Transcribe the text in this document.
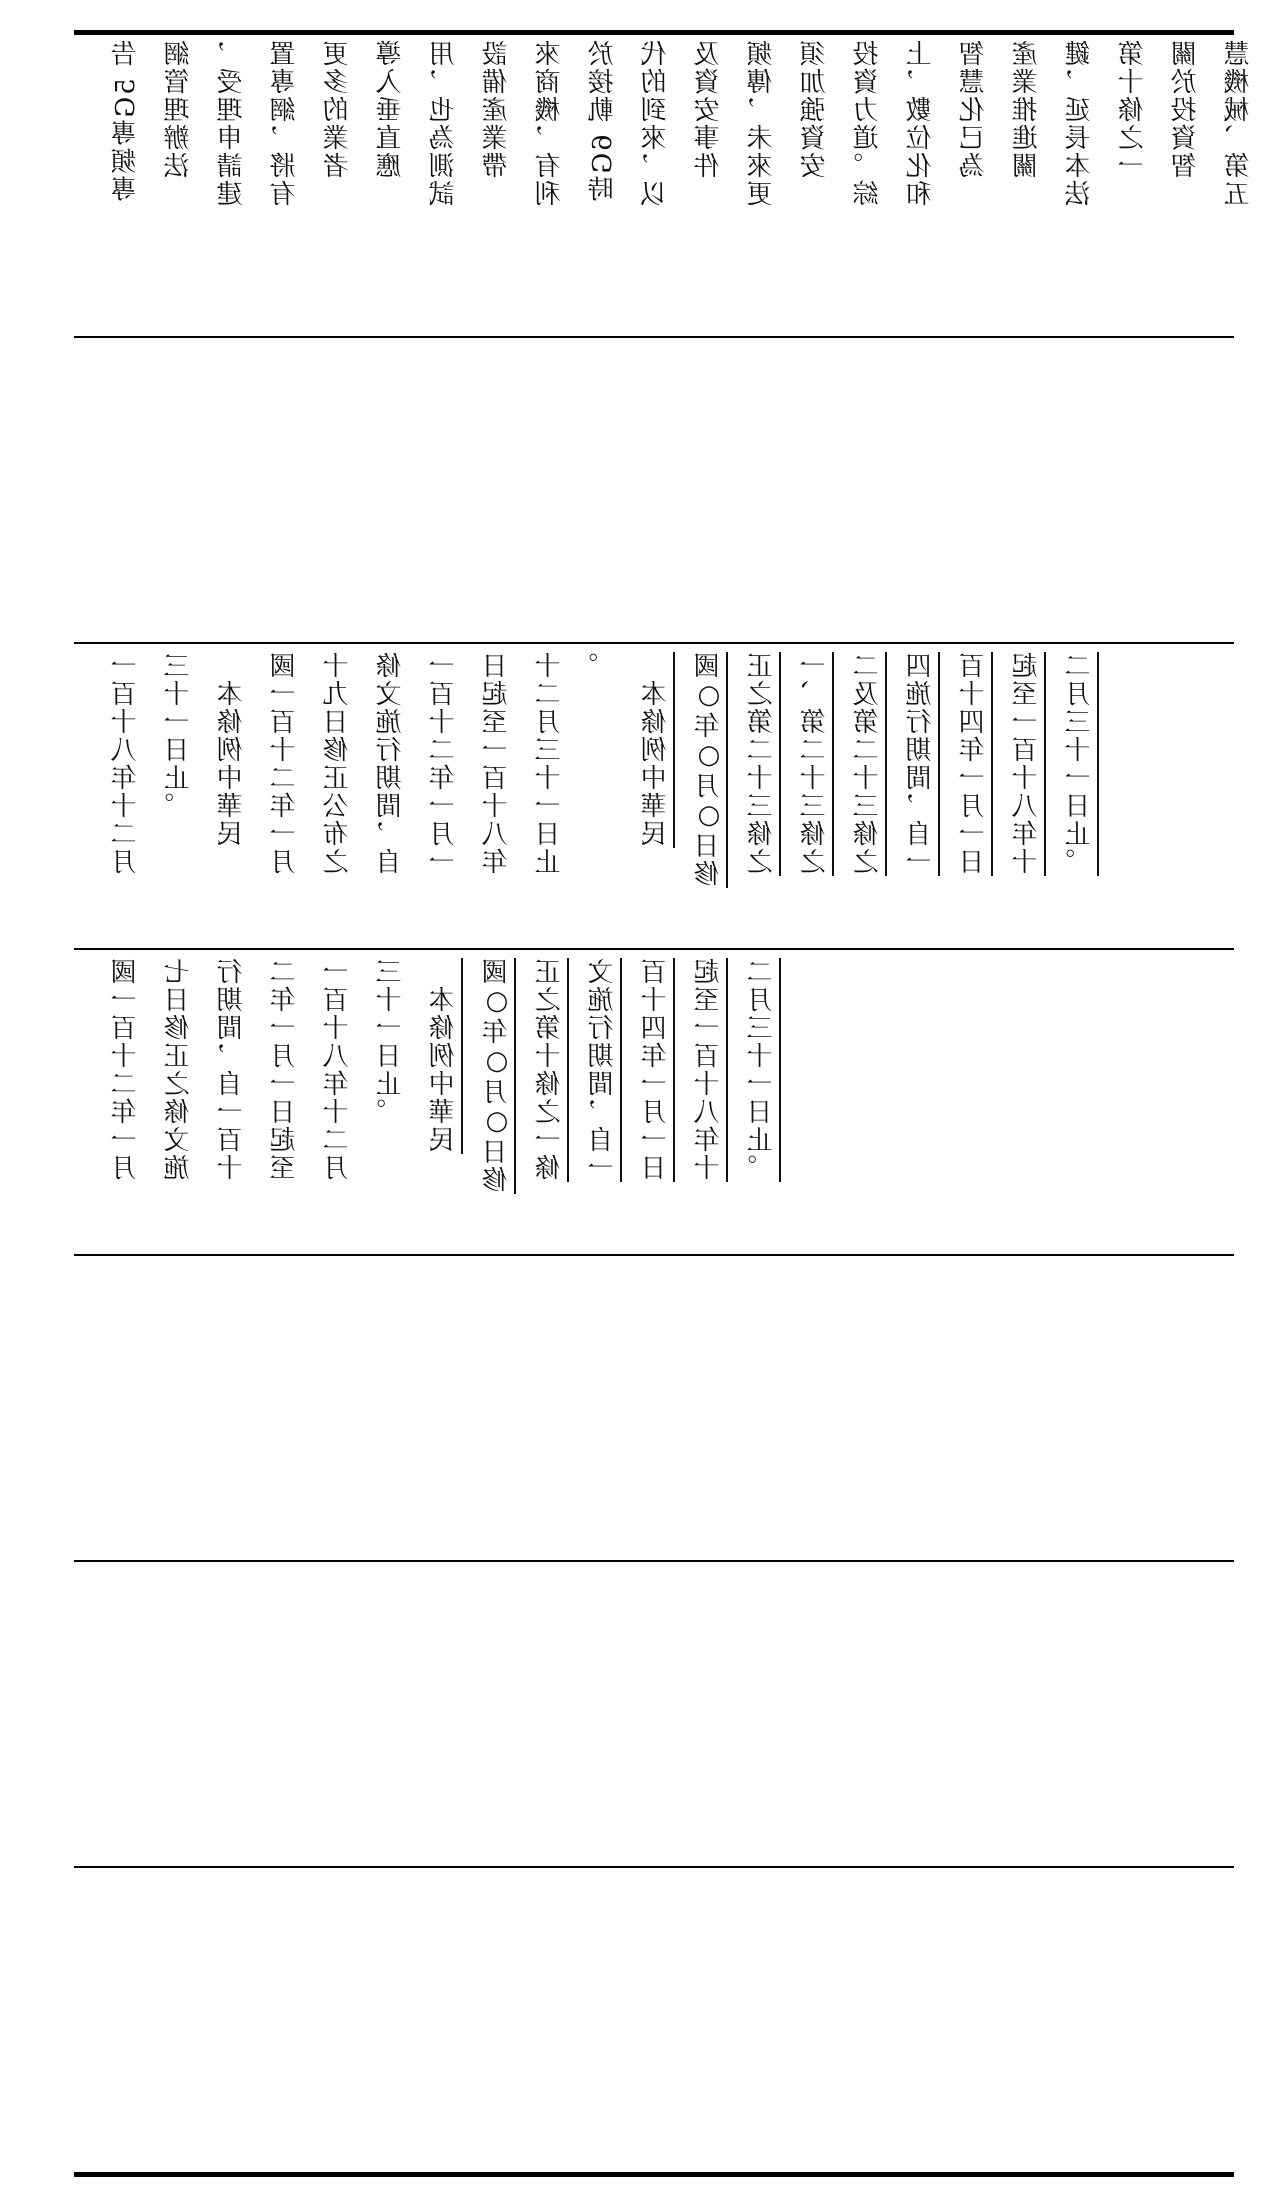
告 5G專頻專 網管理辦法 ，受理申請建 置專網，將有 更多的業者 導入垂直應 用，也為測試 設備產業帶 來商機，有利 於接軌 6G時 代的到來，以 及資安事件 頻傳，未來更 須加強資安 投資力道。綜 上，數位化和 智慧化已為 產業推進關 鍵，延長本法 第十條之一 關於投資智 慧機械、第五
一百十八年十二月 三十一日止。
　本條例中華民 國一百十二年一月 十九日修正公布之 條文施行期間，自 一百十二年一月一 日起至一百十八年 十二月三十一日止 。
　本條例中華民 國○年○月○日修 正之第二十三條之 一、第二十三條之 二及第二十三條之 四施行期間，自一 百十四年一月一日 起至一百十八年十 二月三十一日止。
國一百十二年一月 七日修正之條文施 行期間，自一百十 二年一月一日起至 一百十八年十二月 三十一日止。
　本條例中華民 國○年○月○日修 正之第十條之一條 文施行期間，自一 百十四年一月一日 起至一百十八年十 二月三十一日止。
